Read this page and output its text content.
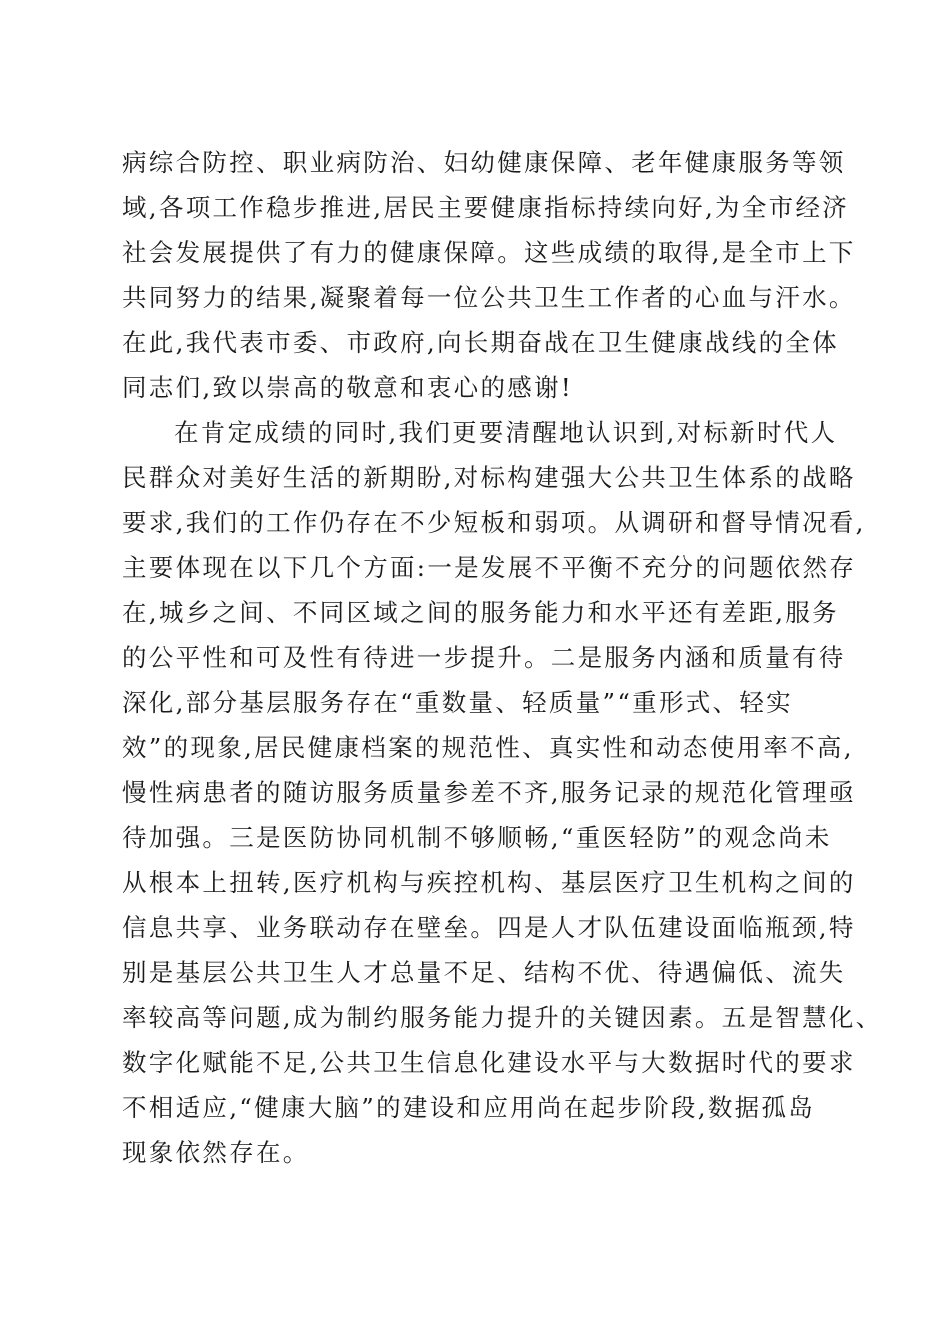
病综合防控、职业病防治、妇幼健康保障、老年健康服务等领
域,各项工作稳步推进,居民主要健康指标持续向好,为全市经济
社会发展提供了有力的健康保障。这些成绩的取得,是全市上下
共同努力的结果,凝聚着每一位公共卫生工作者的心血与汗水。
在此,我代表市委、市政府,向长期奋战在卫生健康战线的全体
同志们,致以崇高的敬意和衷心的感谢!
在肯定成绩的同时,我们更要清醒地认识到,对标新时代人
民群众对美好生活的新期盼,对标构建强大公共卫生体系的战略
要求,我们的工作仍存在不少短板和弱项。从调研和督导情况看,
主要体现在以下几个方面:一是发展不平衡不充分的问题依然存
在,城乡之间、不同区域之间的服务能力和水平还有差距,服务
的公平性和可及性有待进一步提升。二是服务内涵和质量有待
深化,部分基层服务存在“重数量、轻质量”“重形式、轻实
效”的现象,居民健康档案的规范性、真实性和动态使用率不高,
慢性病患者的随访服务质量参差不齐,服务记录的规范化管理亟
待加强。三是医防协同机制不够顺畅,“重医轻防”的观念尚未
从根本上扭转,医疗机构与疾控机构、基层医疗卫生机构之间的
信息共享、业务联动存在壁垒。四是人才队伍建设面临瓶颈,特
别是基层公共卫生人才总量不足、结构不优、待遇偏低、流失
率较高等问题,成为制约服务能力提升的关键因素。五是智慧化、
数字化赋能不足,公共卫生信息化建设水平与大数据时代的要求
不相适应,“健康大脑”的建设和应用尚在起步阶段,数据孤岛
现象依然存在。
